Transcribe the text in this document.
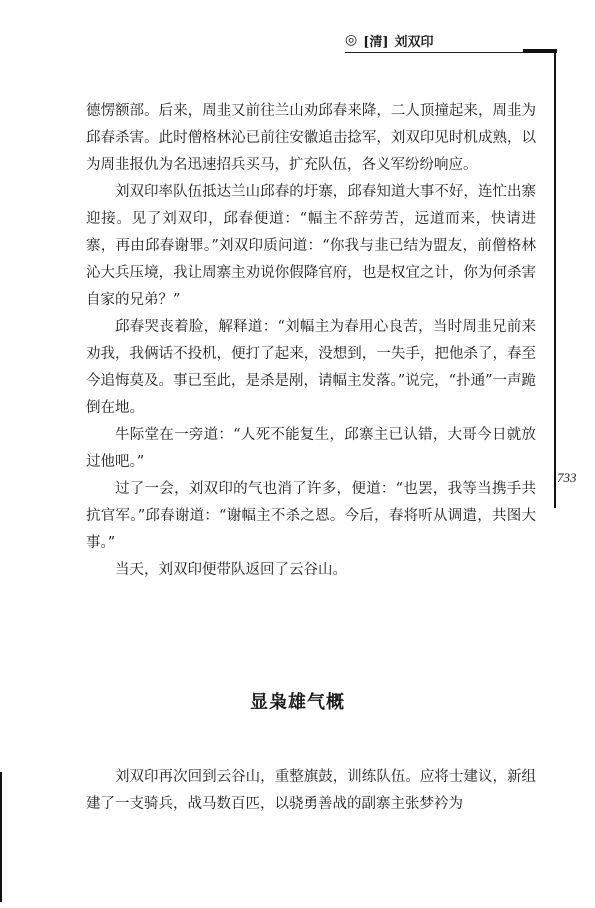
◎ [清] 刘双印
733

德愣额部。后来，周韭又前往兰山劝邱春来降，二人顶撞起来，周韭为邱春杀害。此时僧格林沁已前往安徽追击捻军，刘双印见时机成熟，以为周韭报仇为名迅速招兵买马，扩充队伍，各义军纷纷响应。

刘双印率队伍抵达兰山邱春的圩寨，邱春知道大事不好，连忙出寨迎接。见了刘双印，邱春便道：“幅主不辞劳苦，远道而来，快请进寨，再由邱春谢罪。”刘双印质问道：“你我与韭已结为盟友，前僧格林沁大兵压境，我让周寨主劝说你假降官府，也是权宜之计，你为何杀害自家的兄弟？”

邱春哭丧着脸，解释道：“刘幅主为春用心良苦，当时周韭兄前来劝我，我俩话不投机，便打了起来，没想到，一失手，把他杀了，春至今追悔莫及。事已至此，是杀是剐，请幅主发落。”说完，“扑通”一声跪倒在地。

牛际堂在一旁道：“人死不能复生，邱寨主已认错，大哥今日就放过他吧。”

过了一会，刘双印的气也消了许多，便道：“也罢，我等当携手共抗官军。”邱春谢道：“谢幅主不杀之恩。今后，春将听从调遣，共图大事。”

当天，刘双印便带队返回了云谷山。

显枭雄气概

刘双印再次回到云谷山，重整旗鼓，训练队伍。应将士建议，新组建了一支骑兵，战马数百匹，以骁勇善战的副寨主张梦衿为
